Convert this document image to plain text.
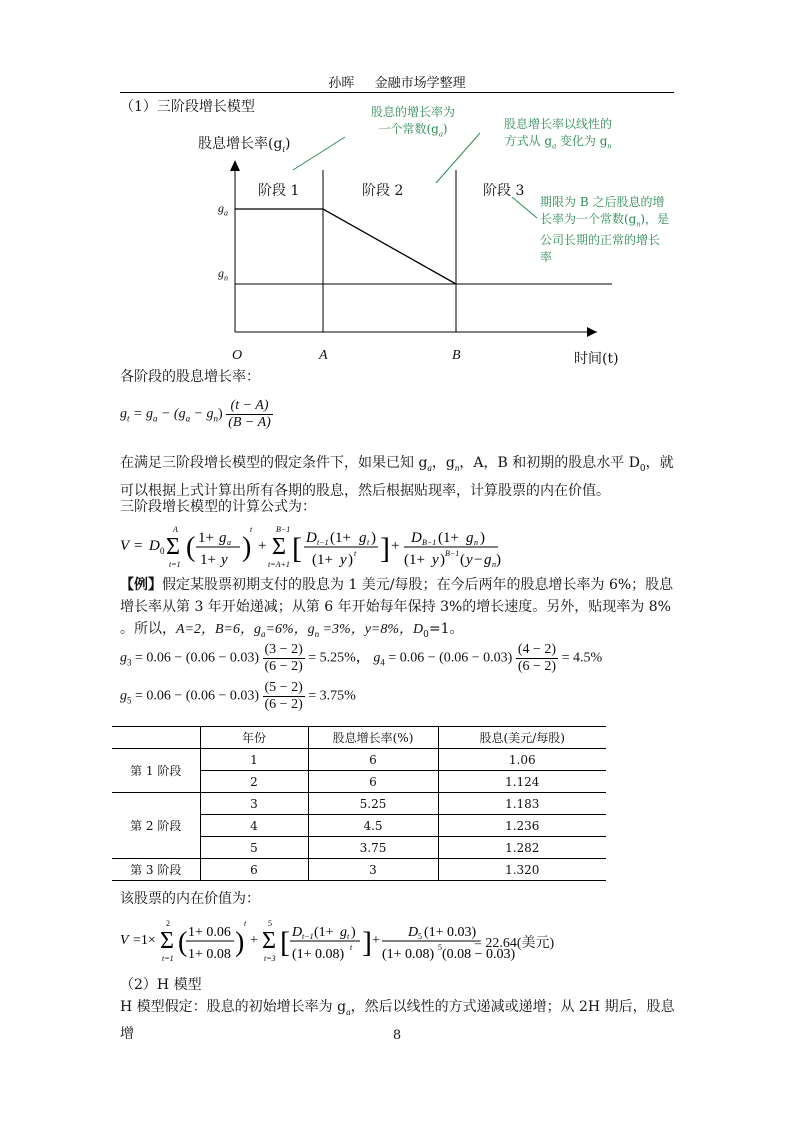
孙晖 金融市场学整理
（1）三阶段增长模型
股息增长率$(g_t)$
阶段 1	阶段 2	阶段 3
$g_a$
$g_n$
O	A	B	时间(t)
股息的增长率为
一个常数$(g_a)$	股息增长率以线性的
方式从 $g_a$ 变化为 $g_n$
期限为 B 之后股息的增
长率为一个常数$(g_n)$，是
公司长期的正常的增长
率
各阶段的股息增长率：
$g_t = g_a - (g_a - g_n) \frac{(t - A)}{(B - A)}$
在满足三阶段增长模型的假定条件下，如果已知 $g_a$，$g_n$，A，B 和初期的股息水平 $D_0$，就可以根据上式计算出所有各期的股息，然后根据贴现率，计算股票的内在价值。
三阶段增长模型的计算公式为：
V = D 0 Σ
A
t=1
( 1+ g a
1+ y )
t
+ Σ
B−1
t=A+1 [ D t−1 (1+ g t )
(1+ y ) t ] + D B−1 (1+ g n )
(1+ y ) B−1 ( y − g n )
【例】假定某股票初期支付的股息为 1 美元/每股；在今后两年的股息增长率为 6%；股息增长率从第 3 年开始递减；从第 6 年开始每年保持 3%的增长速度。另外，贴现率为 8% 。所以，A=2，B=6，$g_a=6\%$，$g_n =3\%$，y=8%，$D_0=1$。
$g_3 = 0.06 - (0.06 - 0.03) \frac{(3 - 2)}{(6 - 2)} = 5.25\%$， $g_4 = 0.06 - (0.06 - 0.03) \frac{(4 - 2)}{(6 - 2)} = 4.5\%$
$g_5 = 0.06 - (0.06 - 0.03) \frac{(5 - 2)}{(6 - 2)} = 3.75\%$
	年份	股息增长率(%)	股息(美元/每股)
第 1 阶段	1	6	1.06
	2	6	1.124
第 2 阶段	3	5.25	1.183
	4	4.5	1.236
	5	3.75	1.282
第 3 阶段	6	3	1.320
该股票的内在价值为：
V =1× Σ
2
t=1
( 1+ 0.06
1+ 0.08 )
t
+ Σ
5
t=3 [ D t−1 (1+ g t )
(1+ 0.08) t ] +
D 5 (1+ 0.03)
(1+ 0.08) 5 (0.08 − 0.03)
= 22.64(美元)
（2）H 模型
H 模型假定：股息的初始增长率为 $g_a$，然后以线性的方式递减或递增；从 2H 期后，股息增	8
